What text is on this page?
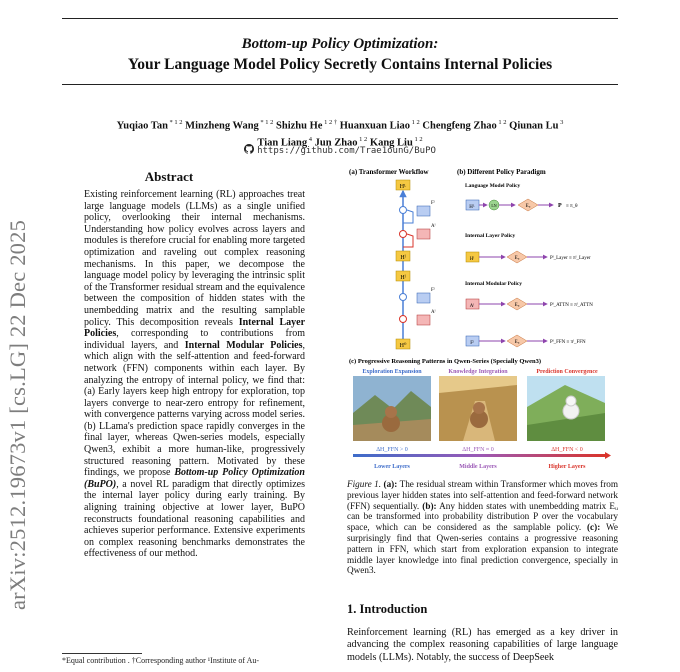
Bottom-up Policy Optimization:
Your Language Model Policy Secretly Contains Internal Policies
Yuqiao Tan $^{* 1 2}$ Minzheng Wang $^{* 1 2}$ Shizhu He $^{1 2 \dagger}$ Huanxuan Liao $^{1 2}$ Chengfeng Zhao $^{1 2}$ Qiunan Lu $^3$
Tian Liang $^4$ Jun Zhao $^{1 2}$ Kang Liu $^{1 2}$
https://github.com/Trae1ounG/BuPO
arXiv:2512.19673v1 [cs.LG] 22 Dec 2025
Abstract

Existing reinforcement learning (RL) approaches treat large language models (LLMs) as a single unified policy, overlooking their internal mechanisms. Understanding how policy evolves across layers and modules is therefore crucial for enabling more targeted optimization and raveling out complex reasoning mechanisms. In this paper, we decompose the language model policy by leveraging the intrinsic split of the Transformer residual stream and the equivalence between the composition of hidden states with the unembedding matrix and the resulting samplable policy. This decomposition reveals Internal Layer Policies, corresponding to contributions from individual layers, and Internal Modular Policies, which align with the self-attention and feed-forward network (FFN) components within each layer. By analyzing the entropy of internal policy, we find that: (a) Early layers keep high entropy for exploration, top layers converge to near-zero entropy for refinement, with convergence patterns varying across model series. (b) LLama's prediction space rapidly converges in the final layer, whereas Qwen-series models, especially Qwen3, exhibit a more human-like, progressively structured reasoning pattern. Motivated by these findings, we propose Bottom-up Policy Optimization (BuPO), a novel RL paradigm that directly optimizes the internal layer policy during early training. By aligning training objective at lower layer, BuPO reconstructs foundational reasoning capabilities and achieves superior performance. Extensive experiments on complex reasoning benchmarks demonstrates the effectiveness of our method.

*Equal contribution . †Corresponding author ¹Institute of Au-
(a) Transformer Workflow	(b) Different Policy Paradigm
Hᴸ
Fˡ
Aˡ
Hˡ
Hˡ
Fˡ
Aˡ
H⁰
Language Model Policy
Hᴸ	LN	Eᵤ	P ≡ π_θ
Internal Layer Policy
Hˡ	Eᵤ	Pˡ_Layer ≡ πˡ_Layer
Internal Modular Policy
Aˡ	Eᵤ	Pˡ_ATTN ≡ πˡ_ATTN
Fˡ	Eᵤ	Pˡ_FFN ≡ πˡ_FFN
(c) Progressive Reasoning Patterns in Qwen-Series (Specially Qwen3)
Exploration Expansion	Knowledge Integration	Prediction Convergence
ΔH_FFN > 0	ΔH_FFN ≈ 0	ΔH_FFN < 0
Lower Layers	Middle Layers	Higher Layers

Figure 1. (a): The residual stream within Transformer which moves from previous layer hidden states into self-attention and feed-forward network (FFN) sequentially. (b): Any hidden states with unembedding matrix Eᵤ can be transformed into probability distribution P over the vocabulary space, which can be considered as the samplable policy. (c): We surprisingly find that Qwen-series contains a progressive reasoning pattern in FFN, which start from exploration expansion to integrate middle layer knowledge into final prediction convergence, specially in Qwen3.

1. Introduction

Reinforcement learning (RL) has emerged as a key driver in advancing the complex reasoning capabilities of large language models (LLMs). Notably, the success of DeepSeek
